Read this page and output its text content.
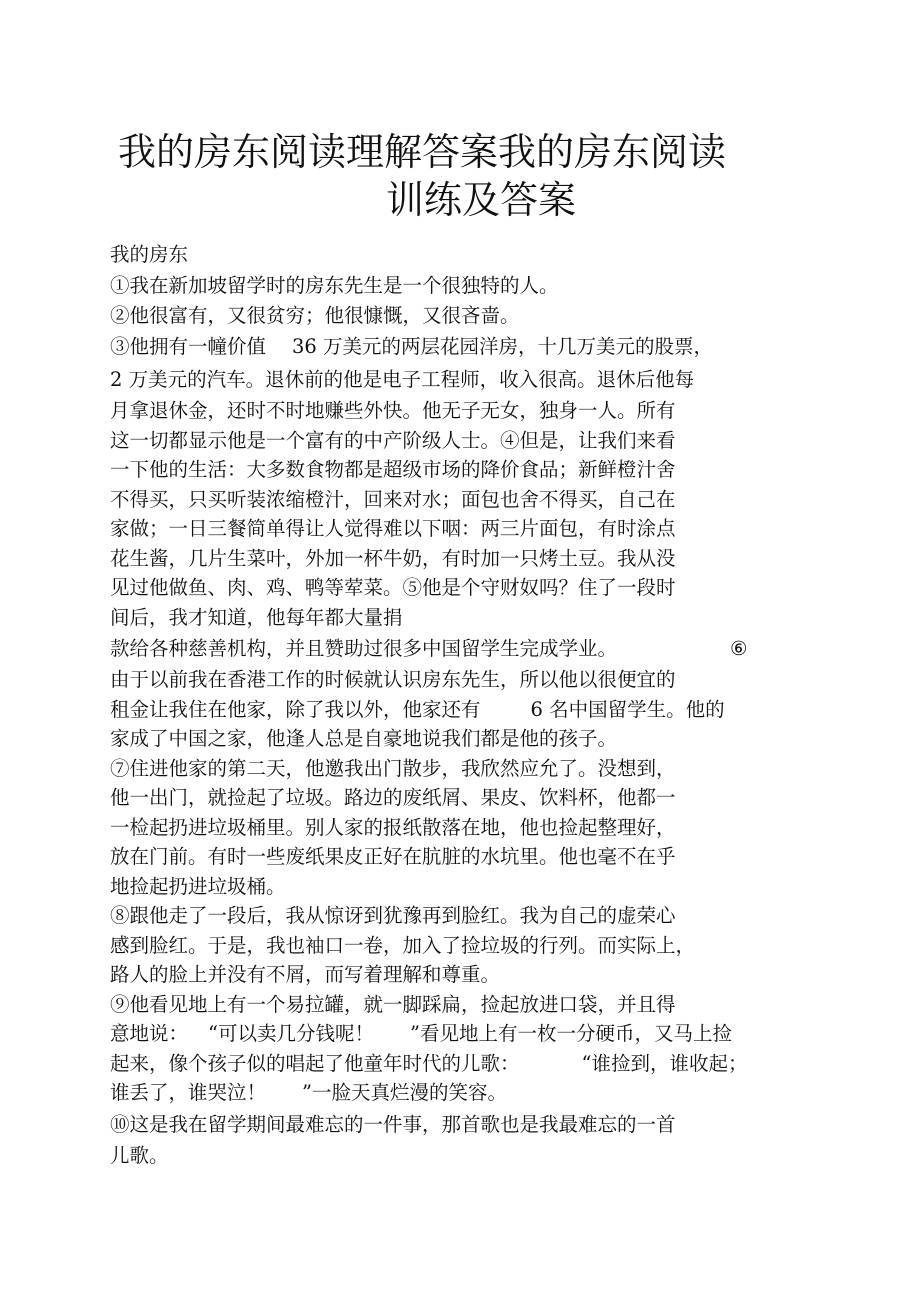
我的房东阅读理解答案我的房东阅读
训练及答案
我的房东
①我在新加坡留学时的房东先生是一个很独特的人。
②他很富有，又很贫穷；他很慷慨，又很吝啬。
③他拥有一幢价值 36 万美元的两层花园洋房，十几万美元的股票，
2 万美元的汽车。退休前的他是电子工程师，收入很高。退休后他每
月拿退休金，还时不时地赚些外快。他无子无女，独身一人。所有
这一切都显示他是一个富有的中产阶级人士。④但是，让我们来看
一下他的生活：大多数食物都是超级市场的降价食品；新鲜橙汁舍
不得买，只买听装浓缩橙汁，回来对水；面包也舍不得买，自己在
家做；一日三餐简单得让人觉得难以下咽：两三片面包，有时涂点
花生酱，几片生菜叶，外加一杯牛奶，有时加一只烤土豆。我从没
见过他做鱼、肉、鸡、鸭等荤菜。⑤他是个守财奴吗？住了一段时
间后，我才知道，他每年都大量捐
款给各种慈善机构，并且赞助过很多中国留学生完成学业。	⑥
由于以前我在香港工作的时候就认识房东先生，所以他以很便宜的
租金让我住在他家，除了我以外，他家还有	6 名中国留学生。他的
家成了中国之家，他逢人总是自豪地说我们都是他的孩子。
⑦住进他家的第二天，他邀我出门散步，我欣然应允了。没想到，
他一出门，就捡起了垃圾。路边的废纸屑、果皮、饮料杯，他都一
一检起扔进垃圾桶里。别人家的报纸散落在地，他也捡起整理好，
放在门前。有时一些废纸果皮正好在肮脏的水坑里。他也毫不在乎
地捡起扔进垃圾桶。
⑧跟他走了一段后，我从惊讶到犹豫再到脸红。我为自己的虚荣心
感到脸红。于是，我也袖口一卷，加入了捡垃圾的行列。而实际上，
路人的脸上并没有不屑，而写着理解和尊重。
⑨他看见地上有一个易拉罐，就一脚踩扁，捡起放进口袋，并且得
意地说： “可以卖几分钱呢！ ”看见地上有一枚一分硬币，又马上捡
起来，像个孩子似的唱起了他童年时代的儿歌：	“谁捡到，谁收起；
谁丢了，谁哭泣！ ”一脸天真烂漫的笑容。
⑩这是我在留学期间最难忘的一件事，那首歌也是我最难忘的一首
儿歌。
